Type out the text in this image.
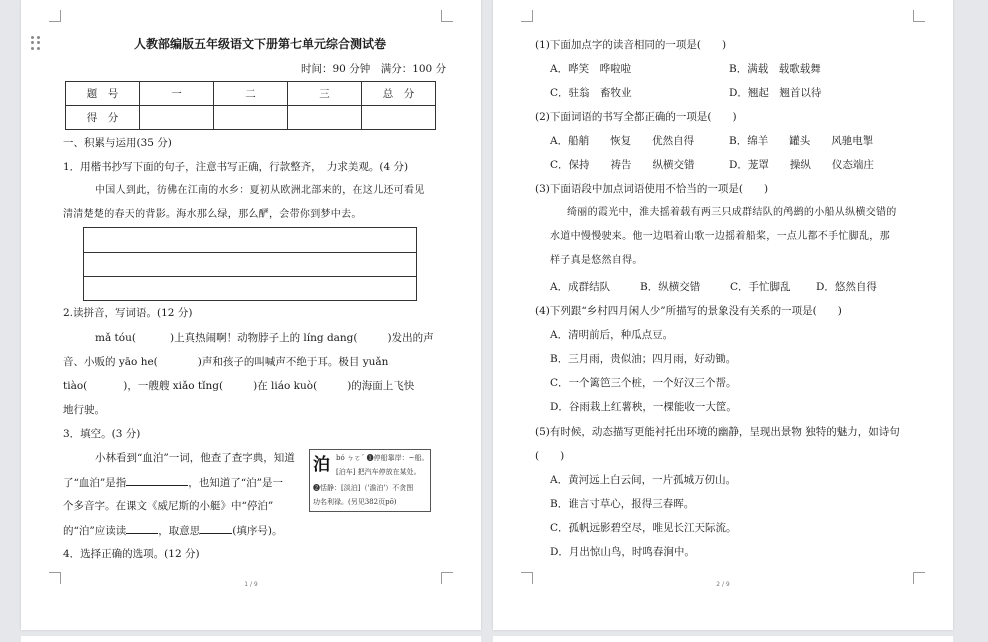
人教部编版五年级语文下册第七单元综合测试卷
时间：90 分钟　满分：100 分
题　号	一	二	三	总　分
得　分				
一、积累与运用(35 分)
1．用楷书抄写下面的句子，注意书写正确，行款整齐，　力求美观。(4 分)
中国人到此，彷佛在江南的水乡：夏初从欧洲北部来的，在这儿还可看见
清清楚楚的春天的背影。海水那么绿，那么酽，会带你到梦中去。
2.读拼音，写词语。(12 分)
mǎ tóu(	)上真热闹啊！动物脖子上的 líng dang(	)发出的声
音、小贩的 yāo he(	)声和孩子的叫喊声不绝于耳。极目 yuǎn
tiào(	)，一艘艘 xiǎo tǐng(	)在 liáo kuò(	)的海面上飞快
地行驶。
3．填空。(3 分)
小林看到“血泊”一词，他查了查字典，知道
了“血泊”是指	，也知道了“泊”是一
个多音字。在课文《威尼斯的小艇》中“停泊”
的“泊”应读读	，取意思	(填序号)。
泊 bó ㄅㄛˊ ❶停船靠岸：~船。
[泊车] 把汽车停放在某处。
❷恬静：[淡泊]（'澹泊'）不贪图
功名利禄。(另见382页pō)
4．选择正确的选项。(12 分)
1 / 9
(1)下面加点字的读音相同的一项是(　　)
A．哗笑　哗啦啦	B．满载　载歌载舞
C．驻翁　畜牧业	D．翘起　翘首以待
(2)下面词语的书写全都正确的一项是(　　)
A．船艄　　恢复　　优然自得	B．绵羊　　罐头　　风驰电掣
C．保持　　祷告　　纵横交错	D．茏罩　　操纵　　仪态端庄
(3)下面语段中加点词语使用不恰当的一项是(　　)
绮丽的霞光中，淮夫摇着载有两三只成群结队的鸬鹚的小船从纵横交错的
水道中慢慢驶来。他一边唱着山歌一边摇着船桨，一点儿都不手忙脚乱，那
样子真是悠然自得。
A．成群结队	B．纵横交错	C．手忙脚乱 D．悠然自得
(4)下列跟“乡村四月闲人少”所描写的景象没有关系的一项是(　　)
A．清明前后，种瓜点豆。
B．三月雨，贵似油；四月雨，好动锄。
C．一个篱笆三个桩，一个好汉三个帮。
D．谷雨栽上红薯秧，一棵能收一大筐。
(5)有时候，动态描写更能衬托出环境的幽静，呈现出景物 独特的魅力，如诗句
(　　)
A．黄河远上白云间，一片孤城万仞山。
B．谁言寸草心，报得三春晖。
C．孤帆远影碧空尽，唯见长江天际流。
D．月出惊山鸟，时鸣春涧中。
2 / 9
